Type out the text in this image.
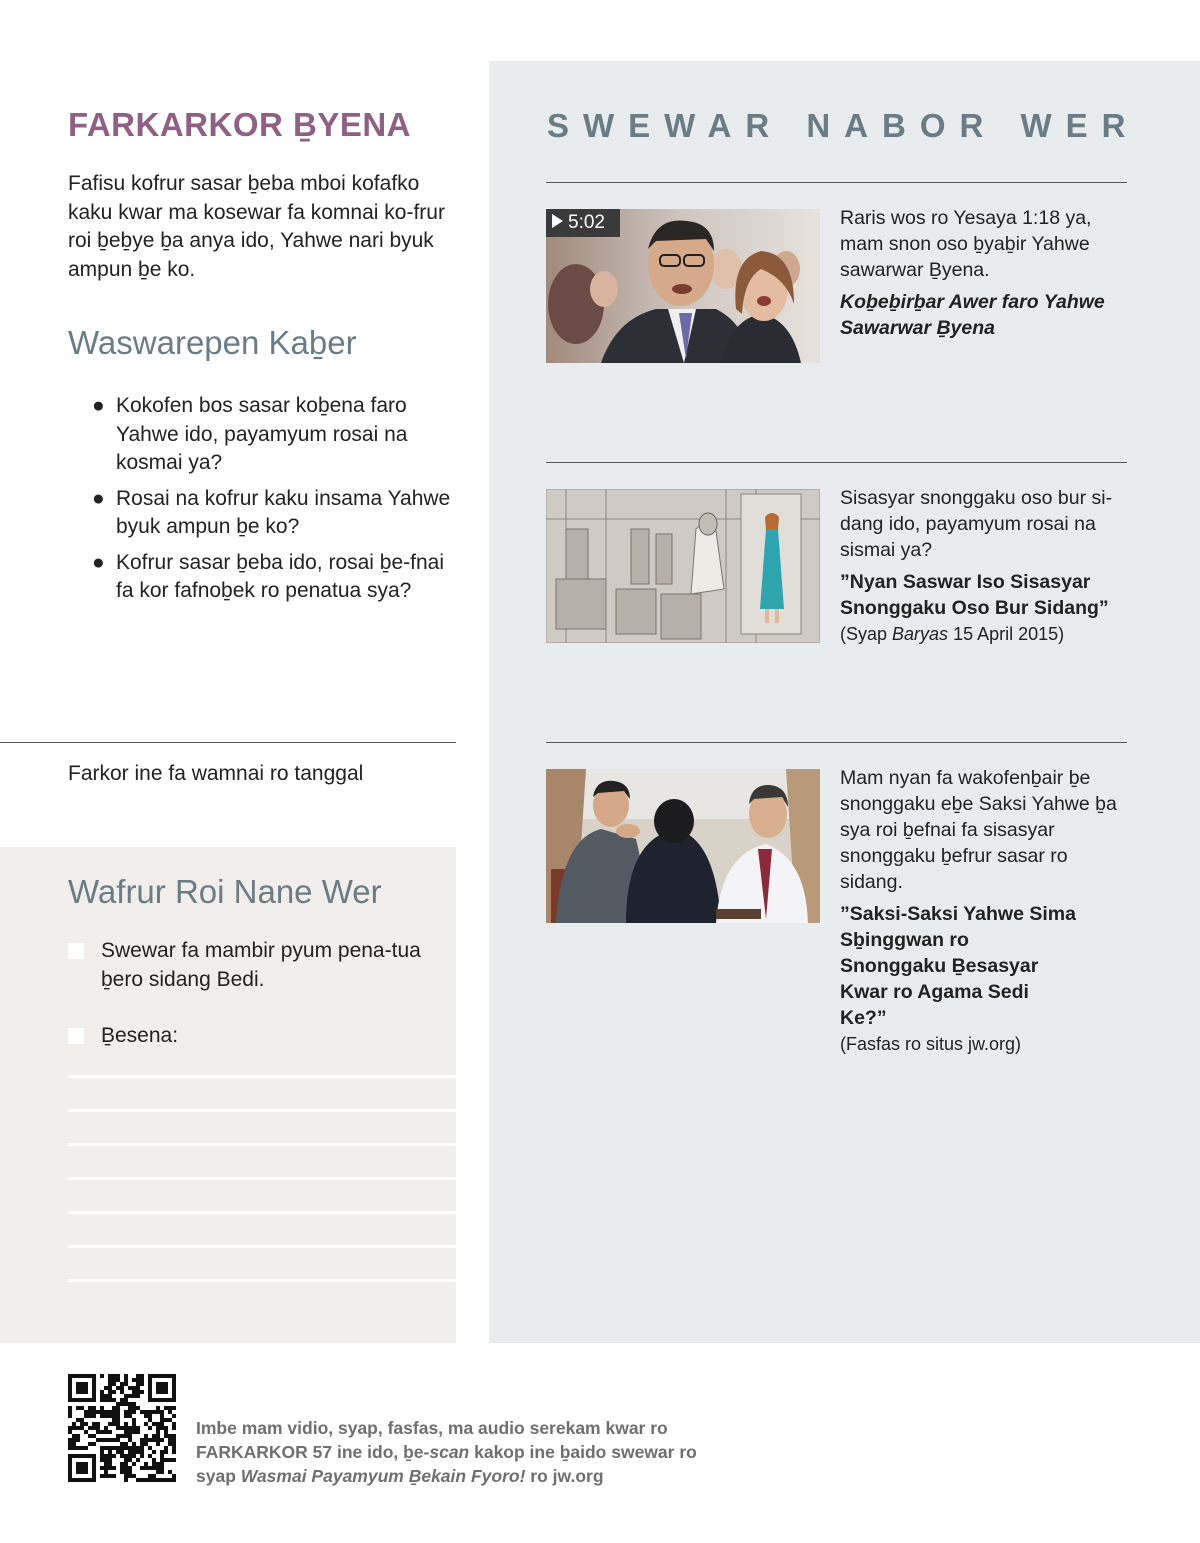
FARKARKOR ḆYENA
Fafisu kofrur sasar ḇeba mboi kofafko kaku kwar ma kosewar fa komnai ko-frur roi ḇeḇye ḇa anya ido, Yahwe nari byuk ampun ḇe ko.
Waswarepen Kaḇer
● Kokofen bos sasar koḇena faro Yahwe ido, payamyum rosai na kosmai ya?
● Rosai na kofrur kaku insama Yahwe byuk ampun ḇe ko?
● Kofrur sasar ḇeba ido, rosai ḇe-fnai fa kor fafnoḇek ro penatua sya?
Farkor ine fa wamnai ro tanggal
Wafrur Roi Nane Wer
Swewar fa mambir pyum pena-tua ḇero sidang Bedi.
Ḇesena:
SWEWAR NABOR WER
5:02	Raris wos ro Yesaya 1:18 ya, mam snon oso ḇyaḇir Yahwe sawarwar Ḇyena.
Koḇeḇirḇar Awer faro Yahwe Sawarwar Ḇyena
Sisasyar snonggaku oso bur si-dang ido, payamyum rosai na sismai ya?
”Nyan Saswar Iso Sisasyar Snonggaku Oso Bur Sidang”
(Syap Baryas 15 April 2015)
Mam nyan fa wakofenḇair ḇe snonggaku eḇe Saksi Yahwe ḇa sya roi ḇefnai fa sisasyar snonggaku ḇefrur sasar ro sidang.
”Saksi-Saksi Yahwe Sima Sḇinggwan ro Snonggaku Ḇesasyar Kwar ro Agama Sedi Ke?”
(Fasfas ro situs jw.org)
Imbe mam vidio, syap, fasfas, ma audio serekam kwar ro FARKARKOR 57 ine ido, ḇe-scan kakop ine ḇaido swewar ro syap Wasmai Payamyum Ḇekain Fyoro! ro jw.org
